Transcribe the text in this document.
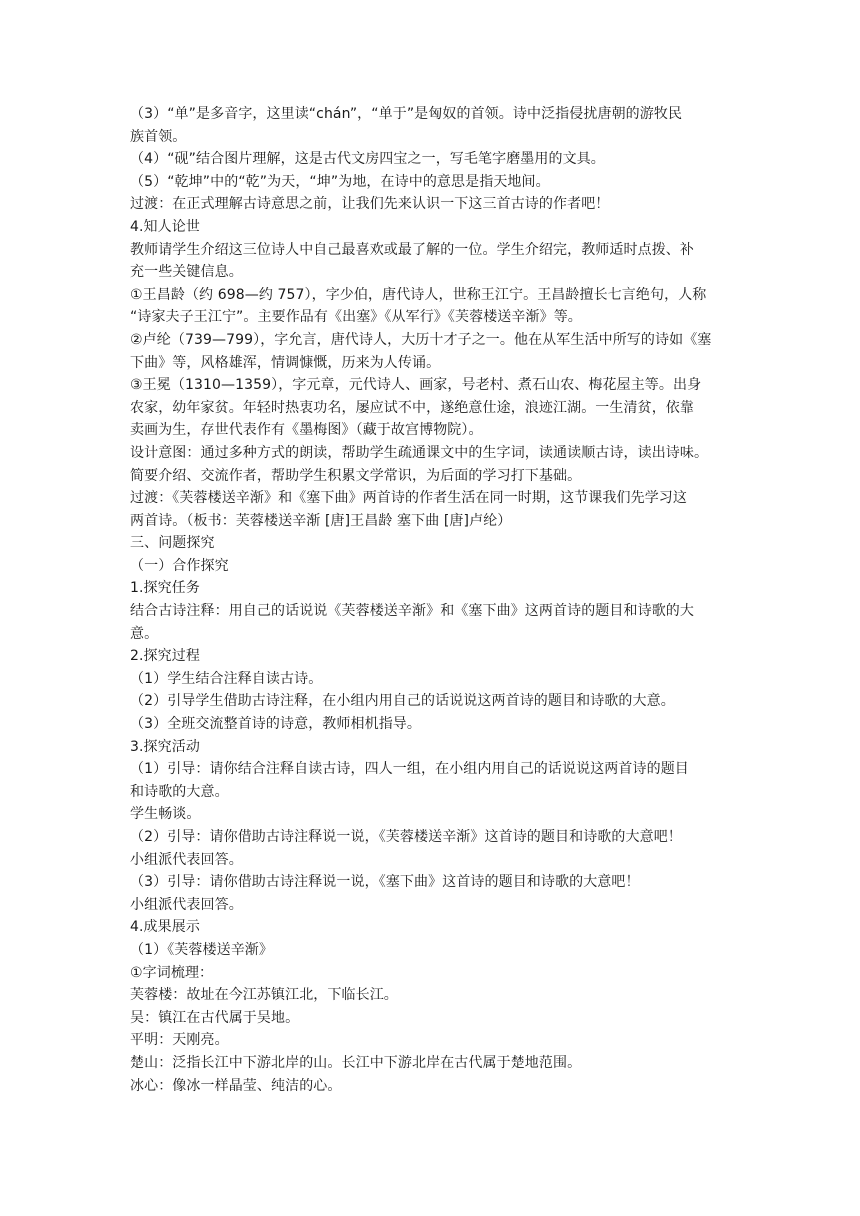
（3）“单”是多音字，这里读“chán”，“单于”是匈奴的首领。诗中泛指侵扰唐朝的游牧民
族首领。
（4）“砚”结合图片理解，这是古代文房四宝之一，写毛笔字磨墨用的文具。
（5）“乾坤”中的“乾”为天，“坤”为地，在诗中的意思是指天地间。
过渡：在正式理解古诗意思之前，让我们先来认识一下这三首古诗的作者吧！
4.知人论世
教师请学生介绍这三位诗人中自己最喜欢或最了解的一位。学生介绍完，教师适时点拨、补
充一些关键信息。
①王昌龄（约 698—约 757），字少伯，唐代诗人，世称王江宁。王昌龄擅长七言绝句，人称
“诗家夫子王江宁”。主要作品有《出塞》《从军行》《芙蓉楼送辛渐》等。
②卢纶（739—799），字允言，唐代诗人，大历十才子之一。他在从军生活中所写的诗如《塞
下曲》等，风格雄浑，情调慷慨，历来为人传诵。
③王冕（1310—1359），字元章，元代诗人、画家，号老村、煮石山农、梅花屋主等。出身
农家，幼年家贫。年轻时热衷功名，屡应试不中，遂绝意仕途，浪迹江湖。一生清贫，依靠
卖画为生，存世代表作有《墨梅图》（藏于故宫博物院）。
设计意图：通过多种方式的朗读，帮助学生疏通课文中的生字词，读通读顺古诗，读出诗味。
简要介绍、交流作者，帮助学生积累文学常识，为后面的学习打下基础。
过渡：《芙蓉楼送辛渐》和《塞下曲》两首诗的作者生活在同一时期，这节课我们先学习这
两首诗。（板书：芙蓉楼送辛渐 [唐]王昌龄 塞下曲 [唐]卢纶）
三、问题探究
（一）合作探究
1.探究任务
结合古诗注释：用自己的话说说《芙蓉楼送辛渐》和《塞下曲》这两首诗的题目和诗歌的大
意。
2.探究过程
（1）学生结合注释自读古诗。
（2）引导学生借助古诗注释，在小组内用自己的话说说这两首诗的题目和诗歌的大意。
（3）全班交流整首诗的诗意，教师相机指导。
3.探究活动
（1）引导：请你结合注释自读古诗，四人一组，在小组内用自己的话说说这两首诗的题目
和诗歌的大意。
学生畅谈。
（2）引导：请你借助古诗注释说一说，《芙蓉楼送辛渐》这首诗的题目和诗歌的大意吧！
小组派代表回答。
（3）引导：请你借助古诗注释说一说，《塞下曲》这首诗的题目和诗歌的大意吧！
小组派代表回答。
4.成果展示
（1）《芙蓉楼送辛渐》
①字词梳理：
芙蓉楼：故址在今江苏镇江北，下临长江。
吴：镇江在古代属于吴地。
平明：天刚亮。
楚山：泛指长江中下游北岸的山。长江中下游北岸在古代属于楚地范围。
冰心：像冰一样晶莹、纯洁的心。
